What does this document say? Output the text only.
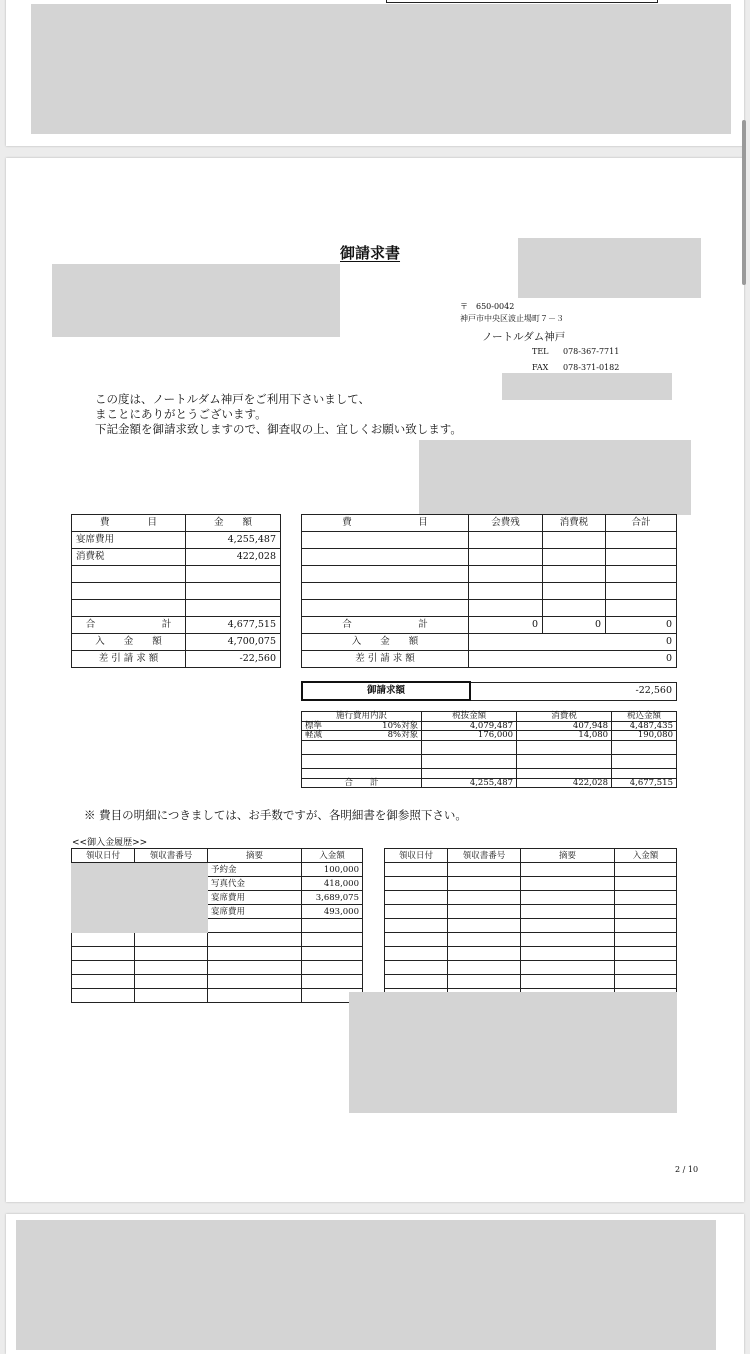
御請求書
〒　650-0042
神戸市中央区波止場町７－３
ノートルダム神戸
TEL 078-367-7711
FAX 078-371-0182
この度は、ノートルダム神戸をご利用下さいまして、
まことにありがとうございます。
下記金額を御請求致しますので、御査収の上、宜しくお願い致します。
費　　　　目	金　　額
宴席費用	4,255,487
消費税	422,028

合　　　　　　　計	4,677,515
入　　金　　額	4,700,075
差 引 請 求 額	-22,560
費　　　　　　　目	会費残	消費税	合計

合　　　　　　　計	0	0	0
入　　金　　額	0		
差 引 請 求 額	0		
御請求額	-22,560
施行費用内訳		税抜金額	消費税	税込金額
標準	10%対象	4,079,487	407,948	4,487,435
軽減	8%対象	176,000	14,080	190,080

合　　計		4,255,487	422,028	4,677,515
※ 費目の明細につきましては、お手数ですが、各明細書を御参照下さい。
<<御入金履歴>>
領収日付	領収書番号	摘要	入金額
		予約金	100,000
		写真代金	418,000
		宴席費用	3,689,075
		宴席費用	493,000

領収日付	領収書番号	摘要	入金額

2 / 10
